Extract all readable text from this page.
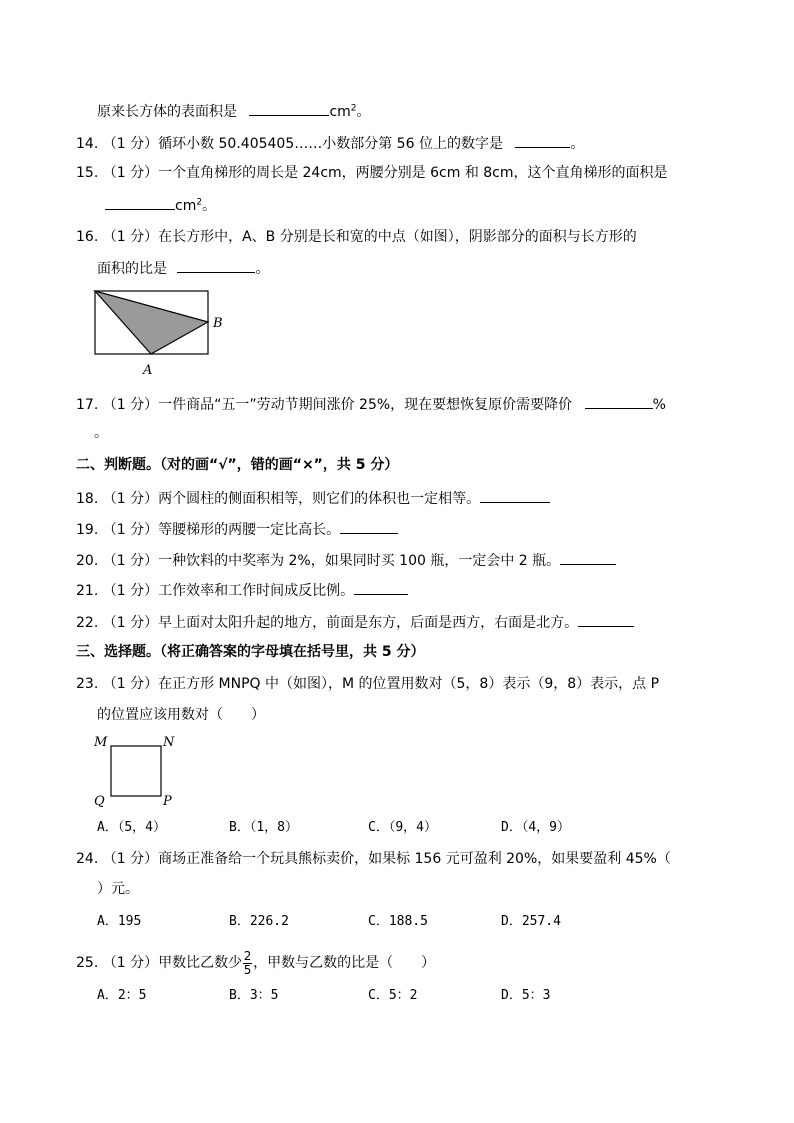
原来长方体的表面积是	$cm^2$。
14. （1 分）循环小数 50.405405……小数部分第 56 位上的数字是	。
15. （1 分）一个直角梯形的周长是 24cm，两腰分别是 6cm 和 8cm，这个直角梯形的面积是
$cm^2$。
16. （1 分）在长方形中，A、B 分别是长和宽的中点（如图），阴影部分的面积与长方形的
面积的比是	。
B
A
17. （1 分）一件商品“五一”劳动节期间涨价 25%，现在要想恢复原价需要降价	%
。
二、判断题。（对的画“√”，错的画“×”，共 5 分）
18. （1 分）两个圆柱的侧面积相等，则它们的体积也一定相等。
19. （1 分）等腰梯形的两腰一定比高长。
20. （1 分）一种饮料的中奖率为 2%，如果同时买 100 瓶，一定会中 2 瓶。
21. （1 分）工作效率和工作时间成反比例。
22. （1 分）早上面对太阳升起的地方，前面是东方，后面是西方，右面是北方。
三、选择题。（将正确答案的字母填在括号里，共 5 分）
23. （1 分）在正方形 MNPQ 中（如图），M 的位置用数对（5，8）表示（9，8）表示，点 P
的位置应该用数对（　　）
M	N
Q	P
A．（5，4）	B．（1，8）	C．（9，4）	D．（4，9）
24. （1 分）商场正准备给一个玩具熊标卖价，如果标 156 元可盈利 20%，如果要盈利 45%（
）元。
A．195	B．226.2	C．188.5	D．257.4
25. （1 分）甲数比乙数少 $\frac{2}{5}$ ，甲数与乙数的比是（　　）
A．2：5	B．3：5	C．5：2	D．5：3
